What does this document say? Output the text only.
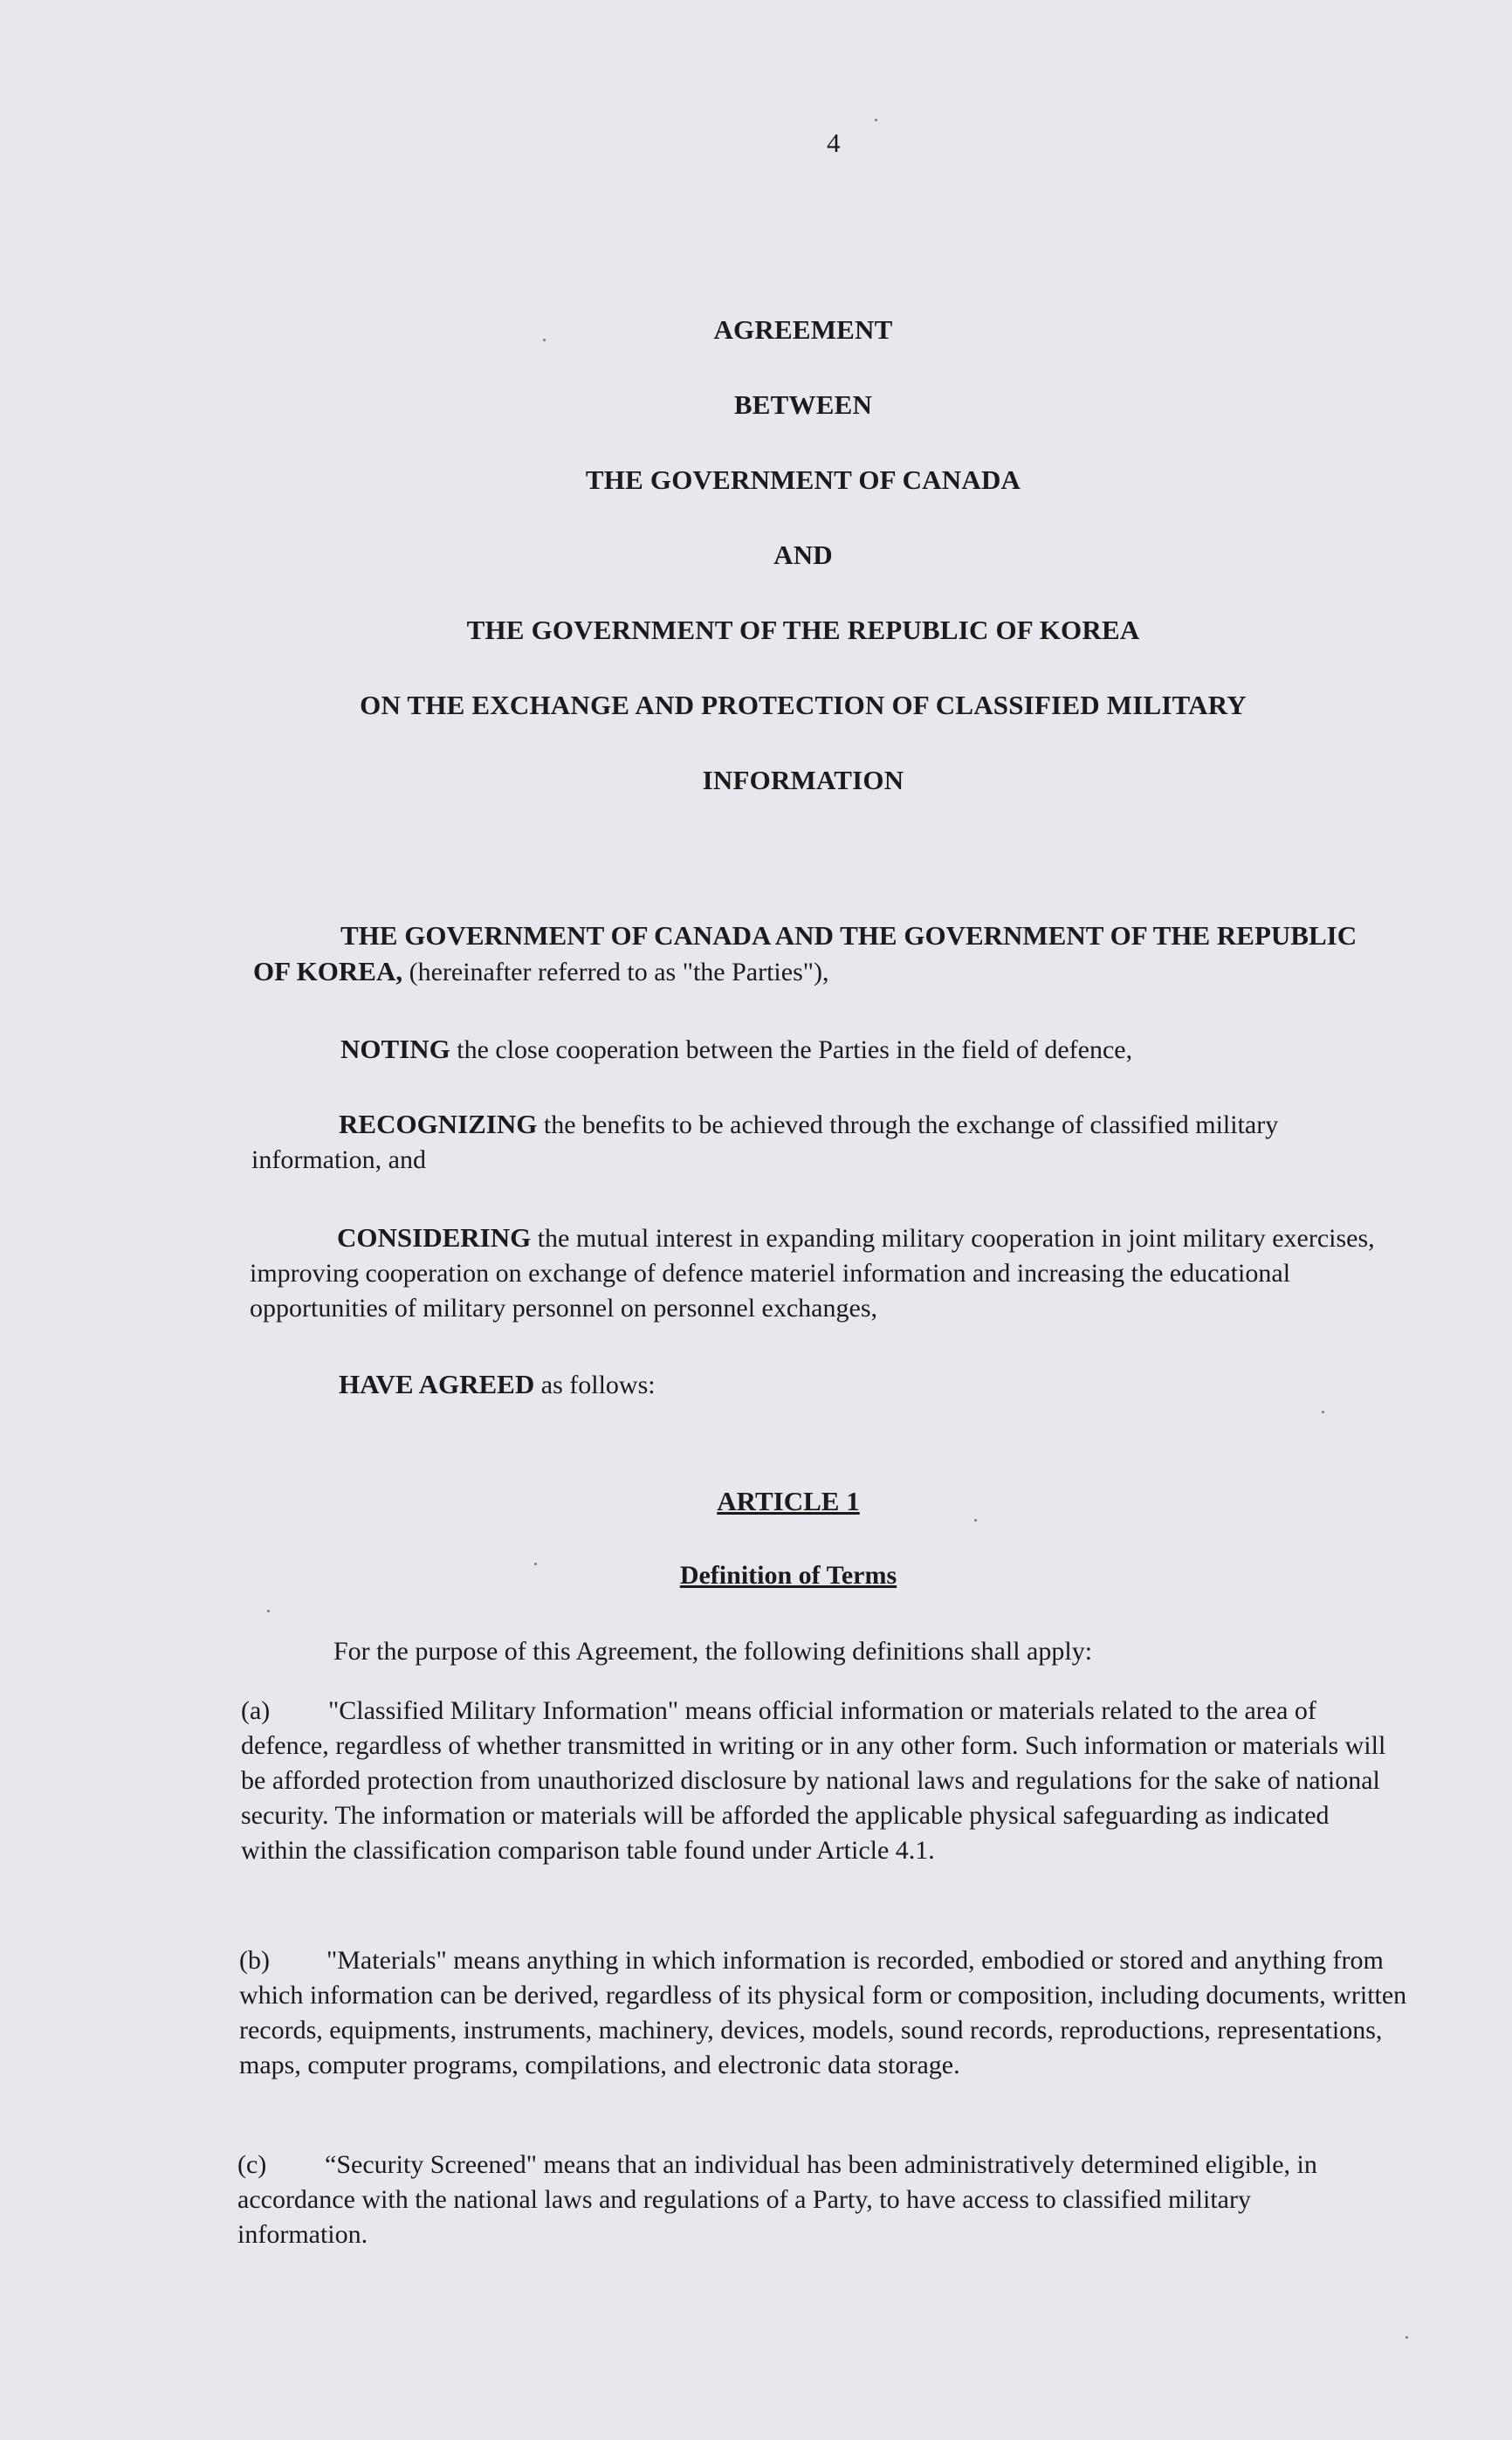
4
AGREEMENT
BETWEEN
THE GOVERNMENT OF CANADA
AND
THE GOVERNMENT OF THE REPUBLIC OF KOREA
ON THE EXCHANGE AND PROTECTION OF CLASSIFIED MILITARY
INFORMATION
THE GOVERNMENT OF CANADA AND THE GOVERNMENT OF THE REPUBLIC OF KOREA, (hereinafter referred to as "the Parties"),
NOTING the close cooperation between the Parties in the field of defence,
RECOGNIZING the benefits to be achieved through the exchange of classified military information, and
CONSIDERING the mutual interest in expanding military cooperation in joint military exercises, improving cooperation on exchange of defence materiel information and increasing the educational opportunities of military personnel on personnel exchanges,
HAVE AGREED as follows:
ARTICLE 1
Definition of Terms
For the purpose of this Agreement, the following definitions shall apply:
(a) "Classified Military Information" means official information or materials related to the area of defence, regardless of whether transmitted in writing or in any other form. Such information or materials will be afforded protection from unauthorized disclosure by national laws and regulations for the sake of national security. The information or materials will be afforded the applicable physical safeguarding as indicated within the classification comparison table found under Article 4.1.
(b) "Materials" means anything in which information is recorded, embodied or stored and anything from which information can be derived, regardless of its physical form or composition, including documents, written records, equipments, instruments, machinery, devices, models, sound records, reproductions, representations, maps, computer programs, compilations, and electronic data storage.
(c) “Security Screened" means that an individual has been administratively determined eligible, in accordance with the national laws and regulations of a Party, to have access to classified military information.
